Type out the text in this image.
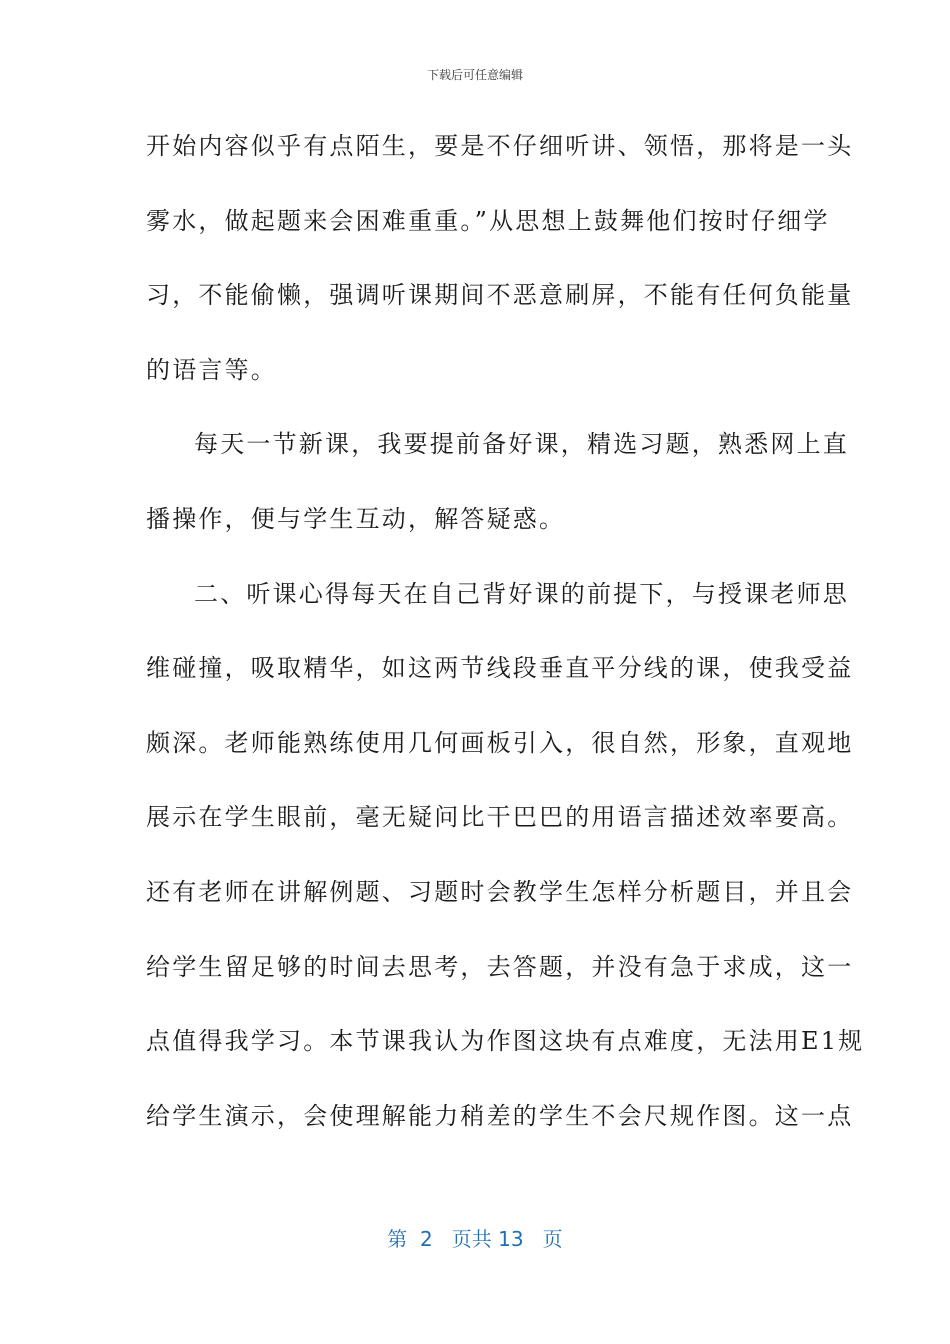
下载后可任意编辑
开始内容似乎有点陌生，要是不仔细听讲、领悟，那将是一头
雾水，做起题来会困难重重。”从思想上鼓舞他们按时仔细学
习，不能偷懒，强调听课期间不恶意刷屏，不能有任何负能量
的语言等。
每天一节新课，我要提前备好课，精选习题，熟悉网上直
播操作，便与学生互动，解答疑惑。
二、听课心得每天在自己背好课的前提下，与授课老师思
维碰撞，吸取精华，如这两节线段垂直平分线的课，使我受益
颇深。老师能熟练使用几何画板引入，很自然，形象，直观地
展示在学生眼前，毫无疑问比干巴巴的用语言描述效率要高。
还有老师在讲解例题、习题时会教学生怎样分析题目，并且会
给学生留足够的时间去思考，去答题，并没有急于求成，这一
点值得我学习。本节课我认为作图这块有点难度，无法用E1规
给学生演示，会使理解能力稍差的学生不会尺规作图。这一点
第  2   页共 13   页
